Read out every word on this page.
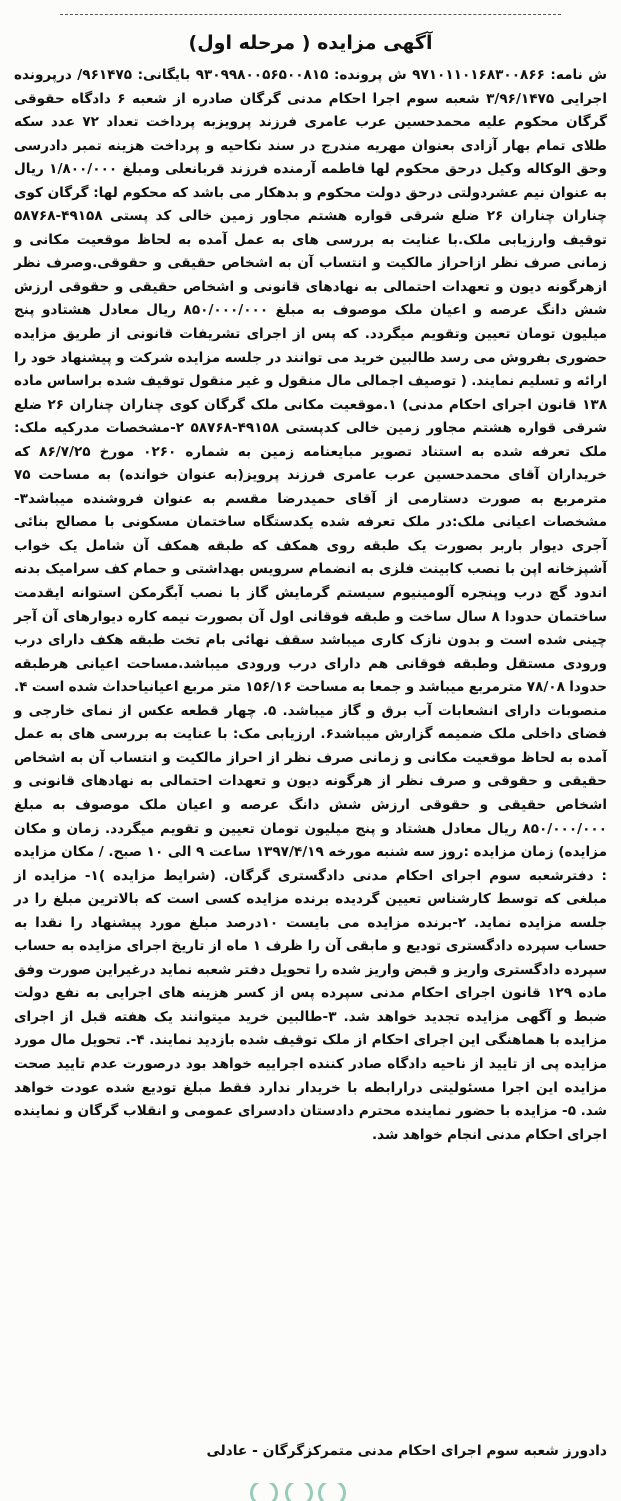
آگهی مزایده ( مرحله اول)

ش نامه: ۹۷۱۰۱۱۰۱۶۸۳۰۰۸۶۶ ش پرونده: ۹۳۰۹۹۸۰۰۵۶۵۰۰۸۱۵ بایگانی: ۹۶۱۴۷۵/ درپرونده اجرایی ۳/۹۶/۱۴۷۵ شعبه سوم اجرا احکام مدنی گرگان صادره از شعبه ۶ دادگاه حقوقی گرگان محکوم علیه محمدحسین عرب عامری فرزند پرویزبه پرداخت تعداد ۷۲ عدد سکه طلای تمام بهار آزادی بعنوان مهریه مندرج در سند نکاحیه و پرداخت هزینه تمبر دادرسی وحق الوکاله وکیل درحق محکوم لها فاطمه آرمنده فرزند قربانعلی ومبلغ ۱/۸۰۰/۰۰۰ ریال به عنوان نیم عشردولتی درحق دولت محکوم و بدهکار می باشد که محکوم لها: گرگان کوی چناران چناران ۲۶ ضلع شرقی قواره هشتم مجاور زمین خالی کد پستی ۴۹۱۵۸-۵۸۷۶۸ توقیف وارزیابی ملک.با عنایت به بررسی های به عمل آمده به لحاظ موقعیت مکانی و زمانی صرف نظر ازاحراز مالکیت و انتساب آن به اشخاص حقیقی و حقوقی.وصرف نظر ازهرگونه دیون و تعهدات احتمالی به نهادهای قانونی و اشخاص حقیقی و حقوقی ارزش شش دانگ عرصه و اعیان ملک موصوف به مبلغ ۸۵۰/۰۰۰/۰۰۰ ریال معادل هشتادو پنج میلیون تومان تعیین وتقویم میگردد. که پس از اجرای تشریفات قانونی از طریق مزایده حضوری بفروش می رسد طالبین خرید می توانند در جلسه مزایده شرکت و پیشنهاد خود را ارائه و تسلیم نمایند. ( توصیف اجمالی مال منقول و غیر منقول توقیف شده براساس ماده ۱۳۸ قانون اجرای احکام مدنی) ۱.موقعیت مکانی ملک گرگان کوی چناران چناران ۲۶ ضلع شرقی قواره هشتم مجاور زمین خالی کدپستی ۴۹۱۵۸-۵۸۷۶۸ ۲-مشخصات مدرکیه ملک: ملک تعرفه شده به استناد تصویر مبایعنامه زمین به شماره ۰۲۶۰ مورخ ۸۶/۷/۲۵ که خریداران آقای محمدحسین عرب عامری فرزند پرویز(به عنوان خوانده) به مساحت ۷۵ مترمربع به صورت دستارمی از آقای حمیدرضا مقسم به عنوان فروشنده میباشد۳- مشخصات اعیانی ملک:در ملک تعرفه شده یکدستگاه ساختمان مسکونی با مصالح بنائی آجری دیوار باربر بصورت یک طبقه روی همکف که طبقه همکف آن شامل یک خواب آشپزخانه اپن با نصب کابینت فلزی به انضمام سرویس بهداشتی و حمام کف سرامیک بدنه اندود گچ درب وپنجره آلومینیوم سیستم گرمایش گاز با نصب آبگرمکن استوانه ایقدمت ساختمان حدودا ۸ سال ساخت و طبقه فوقانی اول آن بصورت نیمه کاره دیوارهای آن آجر چینی شده است و بدون نازک کاری میباشد سقف نهائی بام تخت طبقه هکف دارای درب ورودی مستقل وطبقه فوقانی هم دارای درب ورودی میباشد.مساحت اعیانی هرطبقه حدودا ۷۸/۰۸ مترمربع میباشد و جمعا به مساحت ۱۵۶/۱۶ متر مربع اعیانیاحداث شده است ۴. منصوبات دارای انشعابات آب برق و گاز میباشد. ۵. چهار قطعه عکس از نمای خارجی و فضای داخلی ملک ضمیمه گزارش میباشد۶. ارزیابی مک: با عنایت به بررسی های به عمل آمده به لحاظ موقعیت مکانی و زمانی صرف نظر از احراز مالکیت و انتساب آن به اشخاص حقیقی و حقوقی و صرف نظر از هرگونه دیون و تعهدات احتمالی به نهادهای قانونی و اشخاص حقیقی و حقوقی ارزش شش دانگ عرصه و اعیان ملک موصوف به مبلغ ۸۵۰/۰۰۰/۰۰۰ ریال معادل هشتاد و پنج میلیون تومان تعیین و تقویم میگردد. زمان و مکان مزایده) زمان مزایده :روز سه شنبه مورخه ۱۳۹۷/۴/۱۹ ساعت ۹ الی ۱۰ صبح. / مکان مزایده : دفترشعبه سوم اجرای احکام مدنی دادگستری گرگان. (شرایط مزایده )۱- مزایده از مبلغی که توسط کارشناس تعیین گردیده برنده مزایده کسی است که بالاترین مبلغ را در جلسه مزایده نماید. ۲-برنده مزایده می بایست ۱۰درصد مبلغ مورد پیشنهاد را نقدا به حساب سپرده دادگستری تودیع و مابقی آن را ظرف ۱ ماه از تاریخ اجرای مزایده به حساب سپرده دادگستری واریز و قبض واریز شده را تحویل دفتر شعبه نماید درغیراین صورت وفق ماده ۱۲۹ قانون اجرای احکام مدنی سپرده پس از کسر هزینه های اجرایی به نفع دولت ضبط و آگهی مزایده تجدید خواهد شد. ۳-طالبین خرید میتوانند یک هفته قبل از اجرای مزایده با هماهنگی این اجرای احکام از ملک توقیف شده بازدید نمایند. ۴-. تحویل مال مورد مزایده پی از تایید از ناحیه دادگاه صادر کننده اجراییه خواهد بود درصورت عدم تایید صحت مزایده این اجرا مسئولیتی درارابطه با خریدار ندارد فقط مبلغ تودیع شده عودت خواهد شد. ۵- مزایده با حضور نماینده محترم دادستان دادسرای عمومی و انقلاب گرگان و نماینده اجرای احکام مدنی انجام خواهد شد.

دادورز شعبه سوم اجرای احکام مدنی متمرکزگرگان - عادلی
